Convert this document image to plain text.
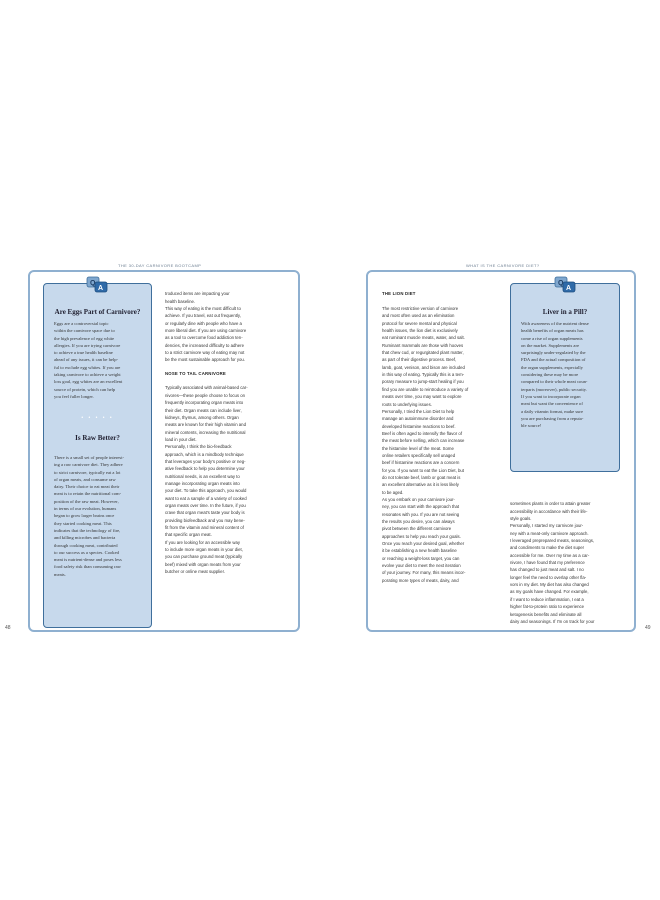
THE 30-DAY CARNIVORE BOOTCAMP
48
Q
A
Are Eggs Part of Carnivore?
Eggs are a controversial topic
within the carnivore space due to
the high prevalence of egg white
allergies. If you are trying carnivore
to achieve a true health baseline
ahead of any issues, it can be help-
ful to exclude egg whites. If you are
taking carnivore to achieve a weight
loss goal, egg whites are an excellent
source of protein, which can help
you feel fuller longer.
• • • • •
Is Raw Better?
There is a small set of people interest-
ing a raw carnivore diet. They adhere
to strict carnivore, typically eat a lot
of organ meats, and consume raw
dairy. Their choice to eat meat their
meat is to retain the nutritional com-
position of the raw meat. However,
in terms of our evolution, humans
began to grow larger brains once
they started cooking meat. This
indicates that the technology of fire,
and killing microbes and bacteria
through cooking meat, contributed
to our success as a species. Cooked
meat is nutrient-dense and poses less
food safety risk than consuming raw
meats.

troduced items are impacting your
health baseline.
This way of eating is the most difficult to
achieve. If you travel, eat out frequently,
or regularly dine with people who have a
more liberal diet. If you are using carnivore
as a tool to overcome food addiction ten-
dencies, the increased difficulty to adhere
to a strict carnivore way of eating may not
be the most sustainable approach for you.

NOSE TO TAIL CARNIVORE

Typically associated with animal-based car-
nivores—these people choose to focus on
frequently incorporating organ meats into
their diet. Organ meats can include liver,
kidneys, thymus, among others. Organ
meats are known for their high vitamin and
mineral contents, increasing the nutritional
load in your diet.
Personally, I think the bio-feedback
approach, which is a mindbody technique
that leverages your body's positive or neg-
ative feedback to help you determine your
nutritional needs, is an excellent way to
manage incorporating organ meats into
your diet. To take this approach, you would
want to eat a sample of a variety of cooked
organ meats over time. In the future, if you
crave that organ meat's taste your body is
providing biofeedback and you may bene-
fit from the vitamin and mineral content of
that specific organ meat.
If you are looking for an accessible way
to include more organ meats in your diet,
you can purchase ground meat (typically
beef) mixed with organ meats from your
butcher or online meat supplier.

WHAT IS THE CARNIVORE DIET?
49

THE LION DIET

The most restrictive version of carnivore
and most often used as an elimination
protocol for severe mental and physical
health issues, the lion diet is exclusively
eat ruminant muscle meats, water, and salt.
Ruminant mammals are those with hooves
that chew cud, or regurgitated plant matter,
as part of their digestive process. Beef,
lamb, goat, venison, and bison are included
in this way of eating. Typically this is a tem-
porary measure to jump-start healing if you
find you are unable to reintroduce a variety of
meats over time, you may want to explore
roots to underlying issues.
Personally, I tried the Lion Diet to help
manage an autoimmune disorder and
developed histamine reactions to beef.
Beef is often aged to intensify the flavor of
the meat before selling, which can increase
the histamine level of the meat. Some
online retailers specifically sell unaged
beef if histamine reactions are a concern
for you. If you want to eat the Lion Diet, but
do not tolerate beef, lamb or goat meat is
an excellent alternative as it is less likely
to be aged.
As you embark on your carnivore jour-
ney, you can start with the approach that
resonates with you. If you are not seeing
the results you desire, you can always
pivot between the different carnivore
approaches to help you reach your goals.
Once you reach your desired goal, whether
it be establishing a new health baseline
or reaching a weight-loss target, you can
evolve your diet to meet the next iteration
of your journey. For many, this means incor-
porating more types of meats, dairy, and

Q
A
Liver in a Pill?
With awareness of the nutrient dense
health benefits of organ meats has
come a rise of organ supplements
on the market. Supplements are
surprisingly under-regulated by the
FDA and the actual composition of
the organ supplements, especially
considering these may be more
compared to their whole meat coun-
terparts (moreover), public security.
If you want to incorporate organ
meat but want the convenience of
a daily vitamin format, make sure
you are purchasing from a reputa-
ble source!

sometimes plants in order to attain greater
accessibility in accordance with their life-
style goals.
Personally, I started my carnivore jour-
ney with a meat-only carnivore approach.
I leveraged preprepared meats, seasonings,
and condiments to make the diet super
accessible for me. Over my time as a car-
nivore, I have found that my preference
has changed to just meat and salt. I no
longer feel the need to overlap other fla-
vors in my diet. My diet has also changed
as my goals have changed. For example,
if I want to reduce inflammation, I eat a
higher fat-to-protein ratio to experience
ketogenesis benefits and eliminate all
dairy and seasonings. If I'm on track for your
